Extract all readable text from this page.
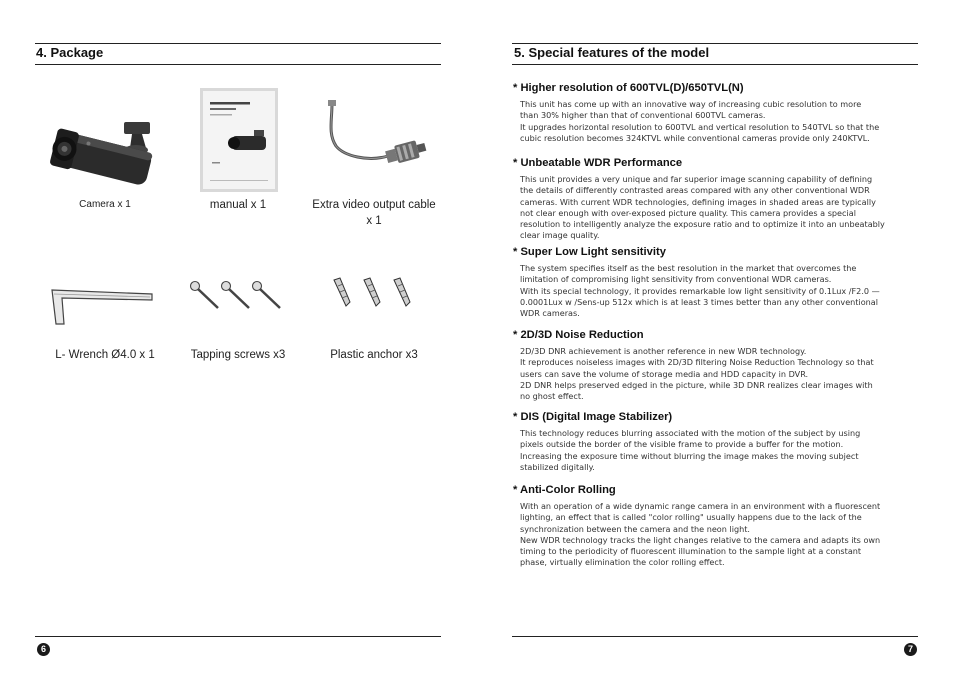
4. Package
Camera x 1	manual x 1	Extra video output cable
x 1
L- Wrench Ø4.0 x 1	Tapping screws x3	Plastic anchor x3
6
5. Special features of the model
* Higher resolution of 600TVL(D)/650TVL(N)

This unit has come up with an innovative way of increasing cubic resolution to more
than 30% higher than that of conventional 600TVL cameras.
It upgrades horizontal resolution to 600TVL and vertical resolution to 540TVL so that the
cubic resolution becomes 324KTVL while conventional cameras provide only 240KTVL.

* Unbeatable WDR Performance

This unit provides a very unique and far superior image scanning capability of defining
the details of differently contrasted areas compared with any other conventional WDR
cameras. With current WDR technologies, defining images in shaded areas are typically
not clear enough with over-exposed picture quality. This camera provides a special
resolution to intelligently analyze the exposure ratio and to optimize it into an unbeatably
clear image quality.

* Super Low Light sensitivity

The system specifies itself as the best resolution in the market that overcomes the
limitation of compromising light sensitivity from conventional WDR cameras.
With its special technology, it provides remarkable low light sensitivity of 0.1Lux /F2.0 —
0.0001Lux w /Sens-up 512x which is at least 3 times better than any other conventional
WDR cameras.

* 2D/3D Noise Reduction

2D/3D DNR achievement is another reference in new WDR technology.
It reproduces noiseless images with 2D/3D filtering Noise Reduction Technology so that
users can save the volume of storage media and HDD capacity in DVR.
2D DNR helps preserved edged in the picture, while 3D DNR realizes clear images with
no ghost effect.

* DIS (Digital Image Stabilizer)

This technology reduces blurring associated with the motion of the subject by using
pixels outside the border of the visible frame to provide a buffer for the motion.
Increasing the exposure time without blurring the image makes the moving subject
stabilized digitally.

* Anti-Color Rolling

With an operation of a wide dynamic range camera in an environment with a fluorescent
lighting, an effect that is called "color rolling" usually happens due to the lack of the
synchronization between the camera and the neon light.
New WDR technology tracks the light changes relative to the camera and adapts its own
timing to the periodicity of fluorescent illumination to the sample light at a constant
phase, virtually elimination the color rolling effect.

7
